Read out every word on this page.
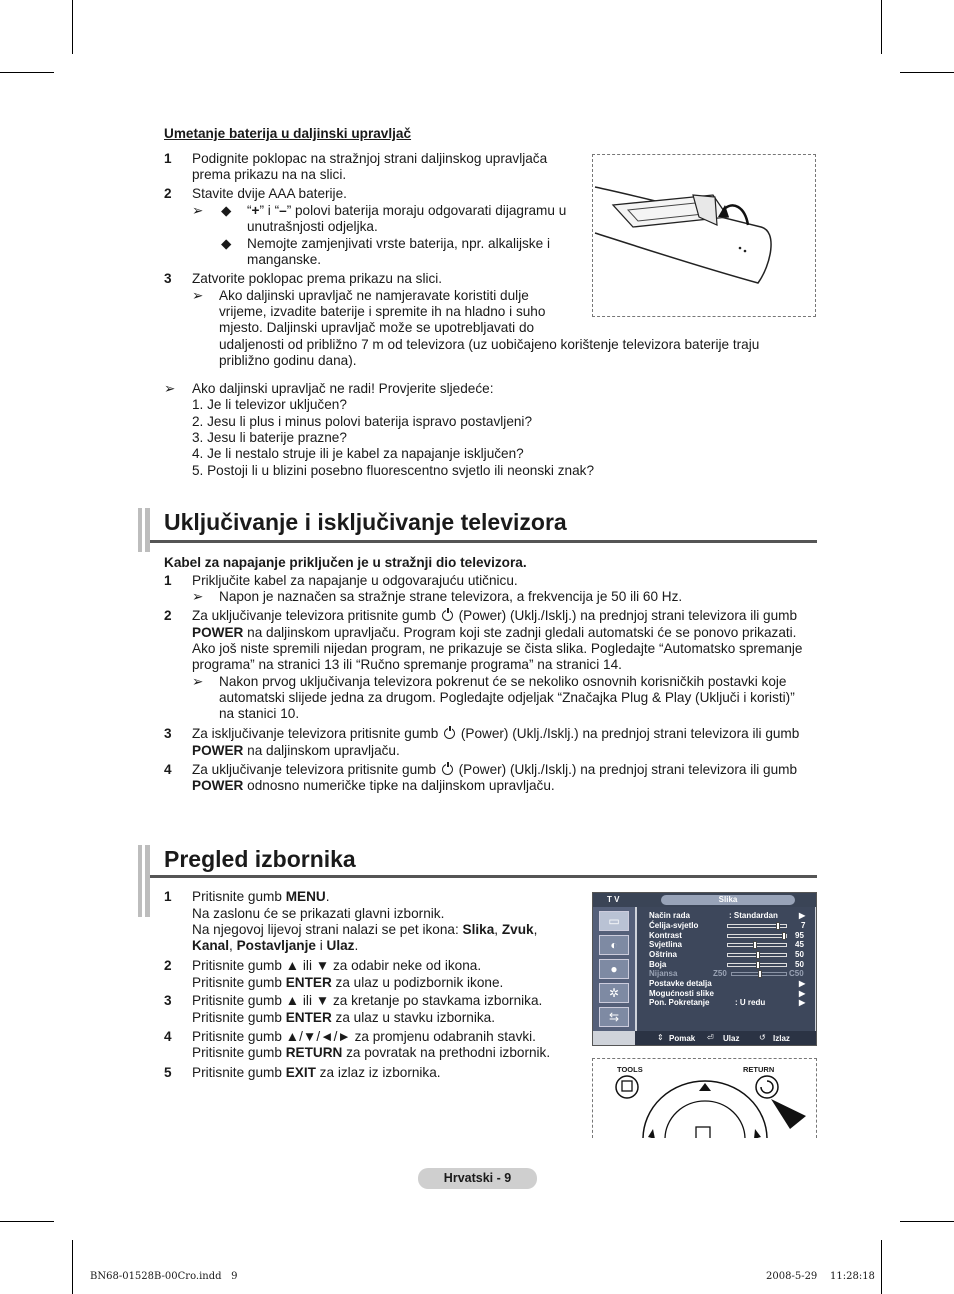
Umetanje baterija u daljinski upravljač
1 Podignite poklopac na stražnjoj strani daljinskog upravljača
prema prikazu na na slici.
2 Stavite dvije AAA baterije.
➢ ◆ “+” i “–” polovi baterija moraju odgovarati dijagramu u
unutrašnjosti odjeljka.
◆ Nemojte zamjenjivati vrste baterija, npr. alkalijske i
manganske.
3 Zatvorite poklopac prema prikazu na slici.
➢ Ako daljinski upravljač ne namjeravate koristiti dulje
vrijeme, izvadite baterije i spremite ih na hladno i suho
mjesto. Daljinski upravljač može se upotrebljavati do
udaljenosti od približno 7 m od televizora (uz uobičajeno korištenje televizora baterije traju
približno godinu dana).
➢ Ako daljinski upravljač ne radi! Provjerite sljedeće:
1. Je li televizor uključen?
2. Jesu li plus i minus polovi baterija ispravo postavljeni?
3. Jesu li baterije prazne?
4. Je li nestalo struje ili je kabel za napajanje isključen?
5. Postoji li u blizini posebno fluorescentno svjetlo ili neonski znak?
Uključivanje i isključivanje televizora
Kabel za napajanje priključen je u stražnji dio televizora.
1 Priključite kabel za napajanje u odgovarajuću utičnicu.
➢ Napon je naznačen sa stražnje strane televizora, a frekvencija je 50 ili 60 Hz.
2 Za uključivanje televizora pritisnite gumb (Power) (Uklj./Isklj.) na prednjoj strani televizora ili gumb
POWER na daljinskom upravljaču. Program koji ste zadnji gledali automatski će se ponovo prikazati.
Ako još niste spremili nijedan program, ne prikazuje se čista slika. Pogledajte “Automatsko spremanje
programa” na stranici 13 ili “Ručno spremanje programa” na stranici 14.
➢ Nakon prvog uključivanja televizora pokrenut će se nekoliko osnovnih korisničkih postavki koje
automatski slijede jedna za drugom. Pogledajte odjeljak “Značajka Plug & Play (Uključi i koristi)”
na stanici 10.
3 Za isključivanje televizora pritisnite gumb (Power) (Uklj./Isklj.) na prednjoj strani televizora ili gumb
POWER na daljinskom upravljaču.
4 Za uključivanje televizora pritisnite gumb (Power) (Uklj./Isklj.) na prednjoj strani televizora ili gumb
POWER odnosno numeričke tipke na daljinskom upravljaču.
Pregled izbornika
1 Pritisnite gumb MENU.
Na zaslonu će se prikazati glavni izbornik.
Na njegovoj lijevoj strani nalazi se pet ikona: Slika, Zvuk,
Kanal, Postavljanje i Ulaz.
2 Pritisnite gumb ▲ ili ▼ za odabir neke od ikona.
Pritisnite gumb ENTER za ulaz u podizbornik ikone.
3 Pritisnite gumb ▲ ili ▼ za kretanje po stavkama izbornika.
Pritisnite gumb ENTER za ulaz u stavku izbornika.
4 Pritisnite gumb ▲/▼/◄/► za promjenu odabranih stavki.
Pritisnite gumb RETURN za povratak na prethodni izbornik.
5 Pritisnite gumb EXIT za izlaz iz izbornika.
T V	Slika
▭
◐
●
✲
⇆
Način rada	: Standardan	▶
Ćelija-svjetlo	7
Kontrast	95
Svjetlina	45
Oštrina	50
Boja	50
Nijansa	Z50	C50
Postavke detalja	▶
Mogućnosti slike	▶
Pon. Pokretanje	: U redu	▶
⇕ Pomak ⏎ Ulaz ↺ Izlaz
TOOLS	RETURN
Hrvatski - 9
BN68-01528B-00Cro.indd   9	2008-5-29    11:28:18
